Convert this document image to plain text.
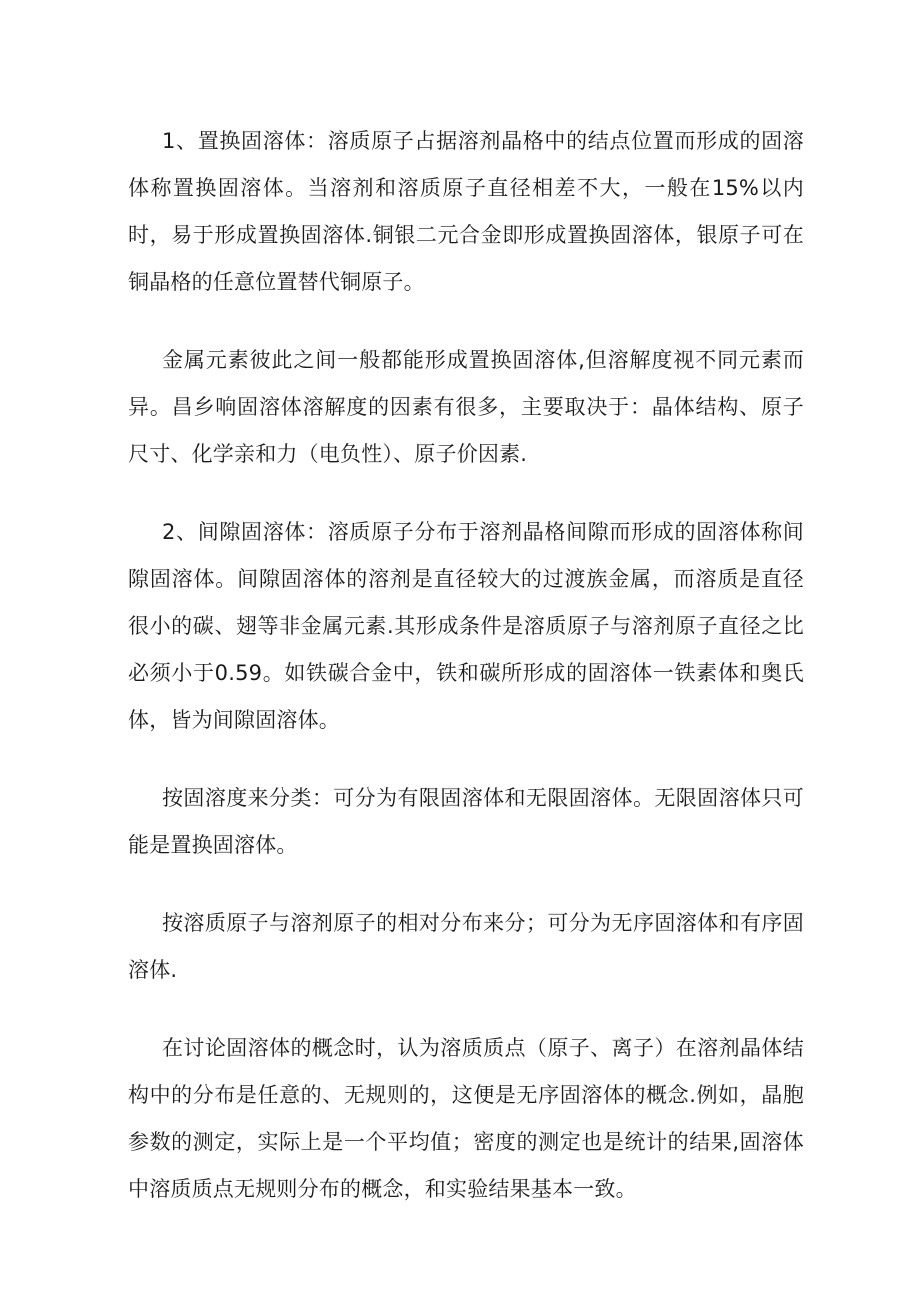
1、置换固溶体：溶质原子占据溶剂晶格中的结点位置而形成的固溶体称置换固溶体。当溶剂和溶质原子直径相差不大，一般在15%以内时，易于形成置换固溶体.铜银二元合金即形成置换固溶体，银原子可在铜晶格的任意位置替代铜原子。

金属元素彼此之间一般都能形成置换固溶体,但溶解度视不同元素而异。昌乡响固溶体溶解度的因素有很多，主要取决于：晶体结构、原子尺寸、化学亲和力（电负性）、原子价因素.

2、间隙固溶体：溶质原子分布于溶剂晶格间隙而形成的固溶体称间隙固溶体。间隙固溶体的溶剂是直径较大的过渡族金属，而溶质是直径很小的碳、翅等非金属元素.其形成条件是溶质原子与溶剂原子直径之比必须小于0.59。如铁碳合金中，铁和碳所形成的固溶体一铁素体和奥氏体，皆为间隙固溶体。

按固溶度来分类：可分为有限固溶体和无限固溶体。无限固溶体只可能是置换固溶体。

按溶质原子与溶剂原子的相对分布来分；可分为无序固溶体和有序固溶体.

在讨论固溶体的概念时，认为溶质质点（原子、离子）在溶剂晶体结构中的分布是任意的、无规则的，这便是无序固溶体的概念.例如，晶胞参数的测定，实际上是一个平均值；密度的测定也是统计的结果,固溶体中溶质质点无规则分布的概念，和实验结果基本一致。
